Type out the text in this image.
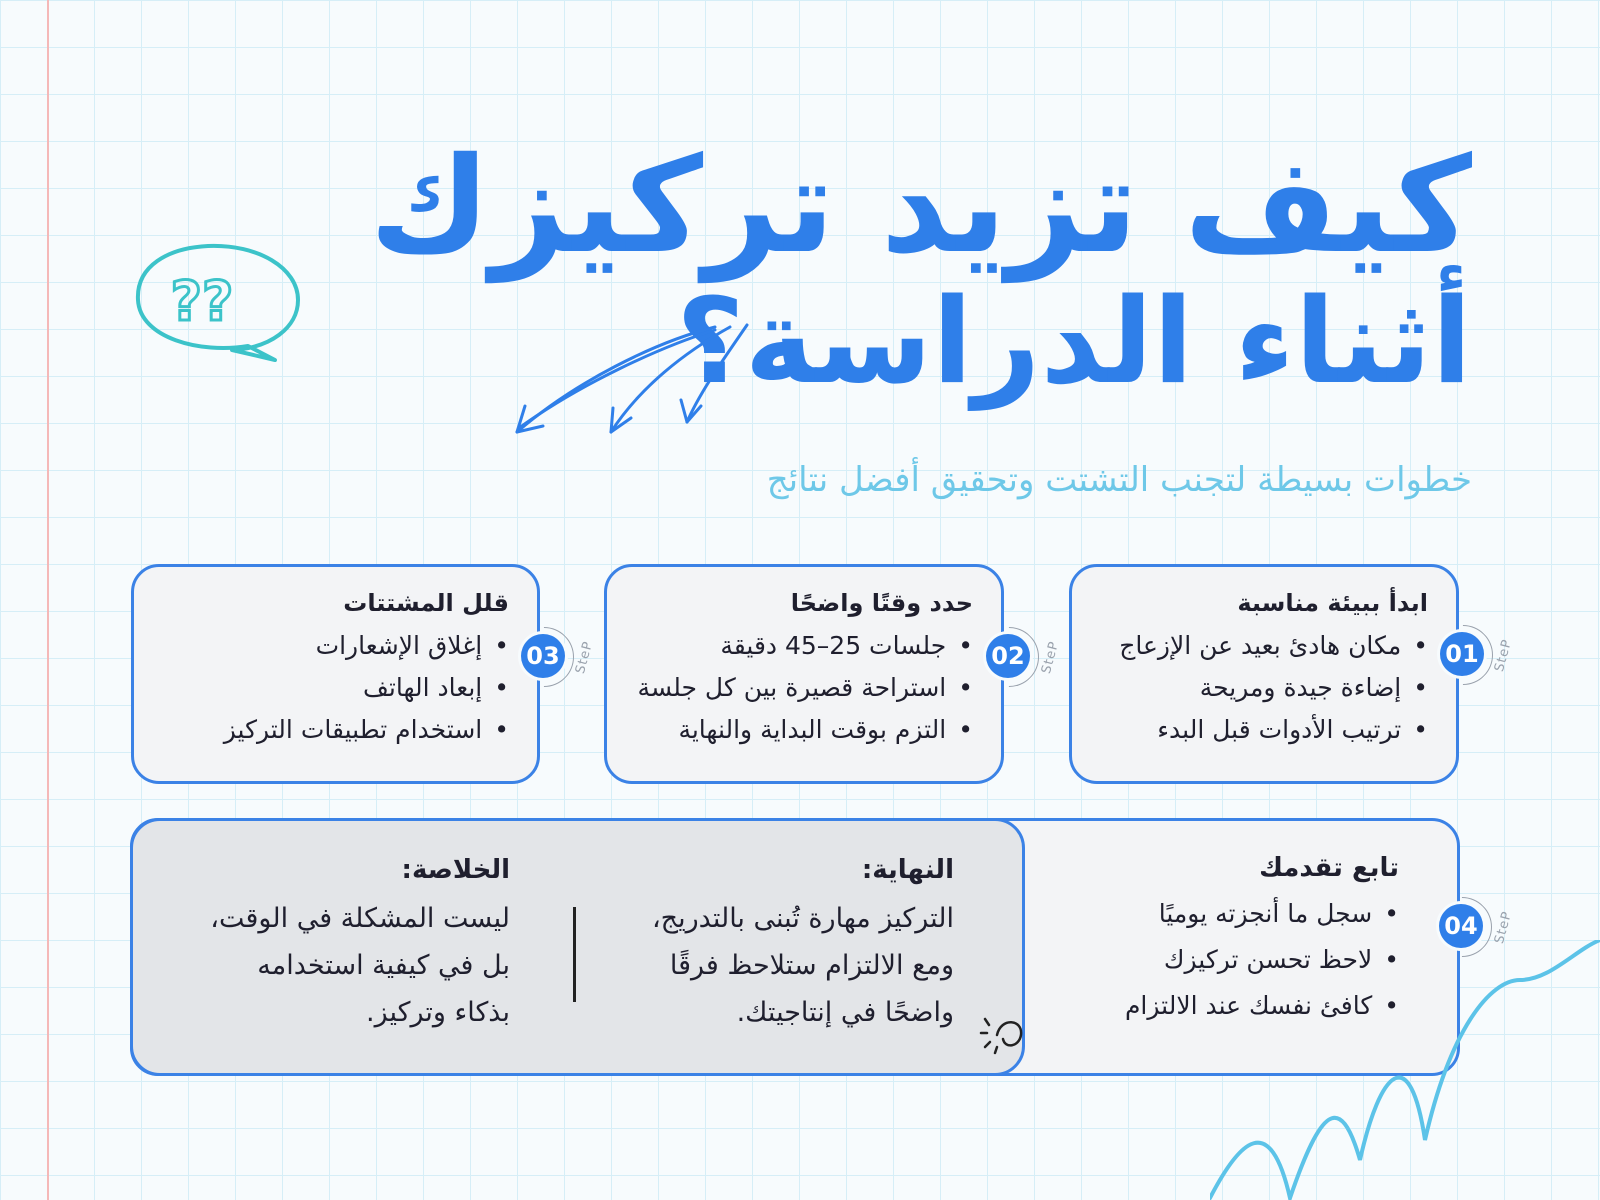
??
كيف تزيد تركيزك
أثناء الدراسة؟
خطوات بسيطة لتجنب التشتت وتحقيق أفضل نتائج
ابدأ ببيئة مناسبة
• مكان هادئ بعيد عن الإزعاج
• إضاءة جيدة ومريحة
• ترتيب الأدوات قبل البدء
01	SteP
حدد وقتًا واضحًا
• جلسات 25–45 دقيقة
• استراحة قصيرة بين كل جلسة
• التزم بوقت البداية والنهاية
02	SteP
قلل المشتتات
• إغلاق الإشعارات
• إبعاد الهاتف
• استخدام تطبيقات التركيز
03	SteP
تابع تقدمك
• سجل ما أنجزته يوميًا
• لاحظ تحسن تركيزك
• كافئ نفسك عند الالتزام
04	SteP
النهاية:
التركيز مهارة تُبنى بالتدريج،
ومع الالتزام ستلاحظ فرقًا
واضحًا في إنتاجيتك.
الخلاصة:
ليست المشكلة في الوقت،
بل في كيفية استخدامه
بذكاء وتركيز.
